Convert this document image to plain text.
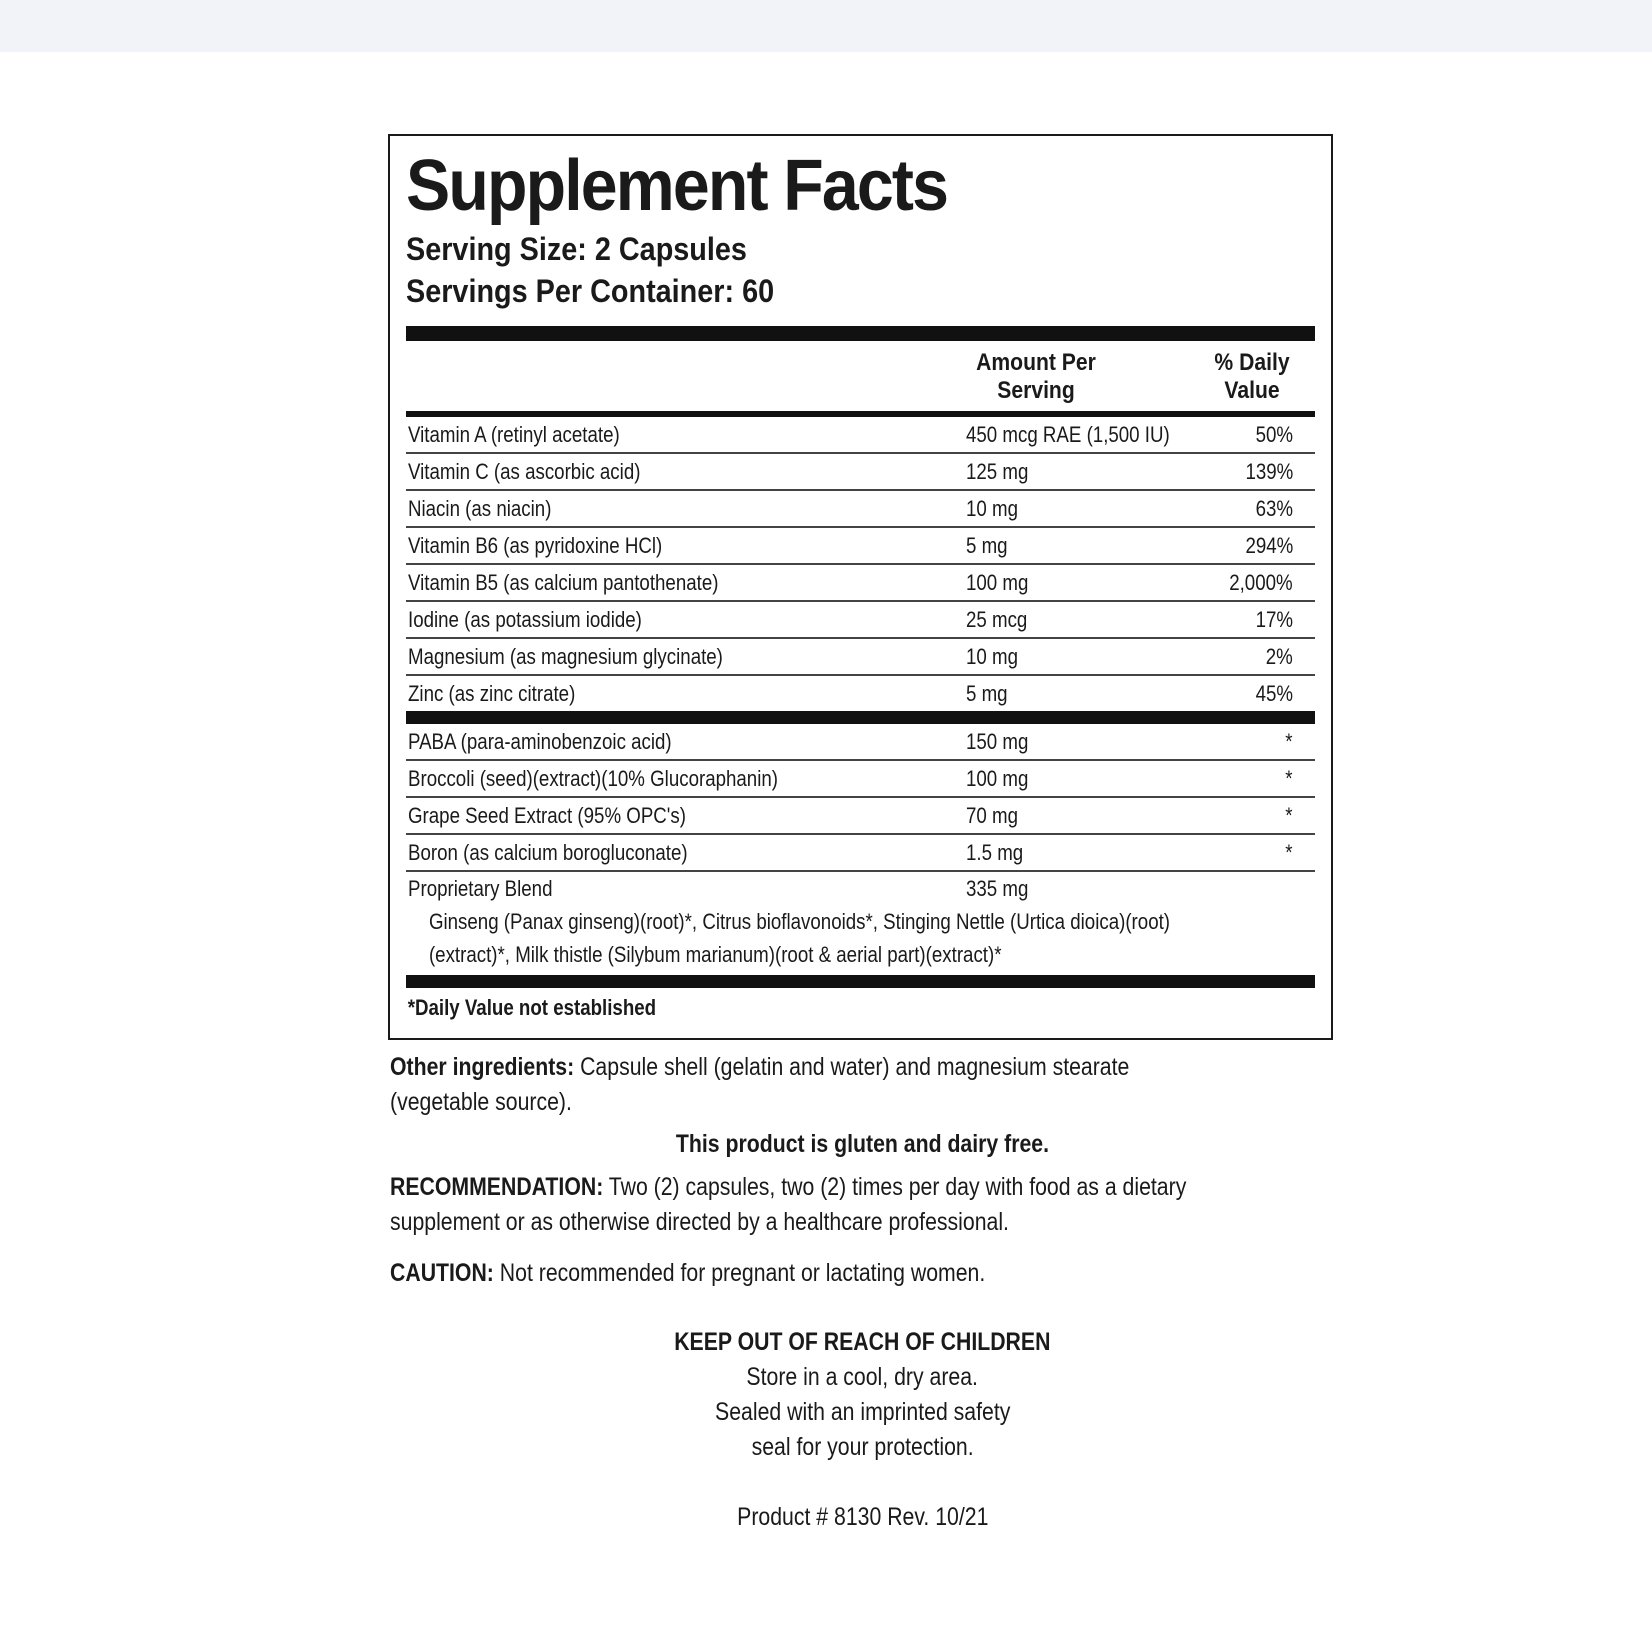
Supplement Facts
Serving Size: 2 Capsules
Servings Per Container: 60
Amount Per
Serving
% Daily
Value
Vitamin A (retinyl acetate)	450 mcg RAE (1,500 IU)	50%
Vitamin C (as ascorbic acid)	125 mg	139%
Niacin (as niacin)	10 mg	63%
Vitamin B6 (as pyridoxine HCl)	5 mg	294%
Vitamin B5 (as calcium pantothenate)	100 mg	2,000%
Iodine (as potassium iodide)	25 mcg	17%
Magnesium (as magnesium glycinate)	10 mg	2%
Zinc (as zinc citrate)	5 mg	45%
PABA (para-aminobenzoic acid)	150 mg	*
Broccoli (seed)(extract)(10% Glucoraphanin)	100 mg	*
Grape Seed Extract (95% OPC's)	70 mg	*
Boron (as calcium borogluconate)	1.5 mg	*
Proprietary Blend	335 mg
Ginseng (Panax ginseng)(root)*, Citrus bioflavonoids*, Stinging Nettle (Urtica dioica)(root)
(extract)*, Milk thistle (Silybum marianum)(root & aerial part)(extract)*
*Daily Value not established
Other ingredients: Capsule shell (gelatin and water) and magnesium stearate
(vegetable source).
This product is gluten and dairy free.
RECOMMENDATION: Two (2) capsules, two (2) times per day with food as a dietary
supplement or as otherwise directed by a healthcare professional.
CAUTION: Not recommended for pregnant or lactating women.
KEEP OUT OF REACH OF CHILDREN
Store in a cool, dry area.
Sealed with an imprinted safety
seal for your protection.
Product # 8130 Rev. 10/21
